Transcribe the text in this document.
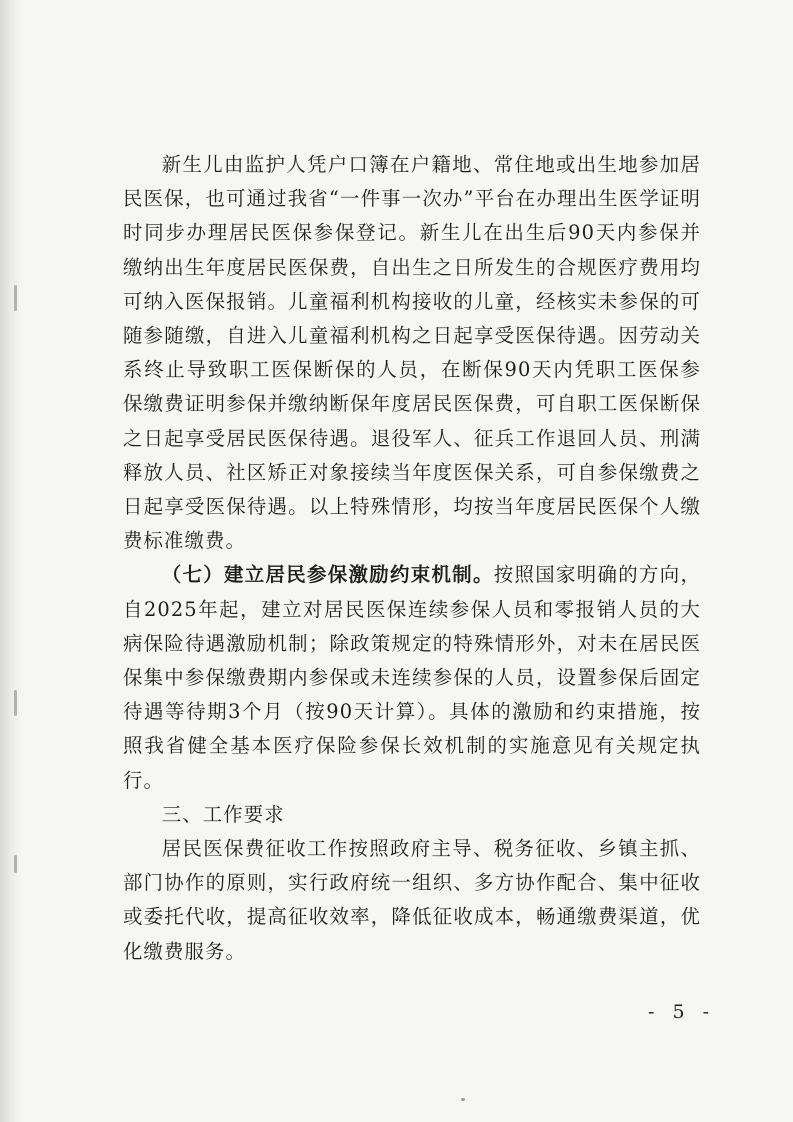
新生儿由监护人凭户口簿在户籍地、常住地或出生地参加居民医保，也可通过我省“一件事一次办”平台在办理出生医学证明时同步办理居民医保参保登记。新生儿在出生后90天内参保并缴纳出生年度居民医保费，自出生之日所发生的合规医疗费用均可纳入医保报销。儿童福利机构接收的儿童，经核实未参保的可随参随缴，自进入儿童福利机构之日起享受医保待遇。因劳动关系终止导致职工医保断保的人员，在断保90天内凭职工医保参保缴费证明参保并缴纳断保年度居民医保费，可自职工医保断保之日起享受居民医保待遇。退役军人、征兵工作退回人员、刑满释放人员、社区矫正对象接续当年度医保关系，可自参保缴费之日起享受医保待遇。以上特殊情形，均按当年度居民医保个人缴费标准缴费。

（七）建立居民参保激励约束机制。按照国家明确的方向，自2025年起，建立对居民医保连续参保人员和零报销人员的大病保险待遇激励机制；除政策规定的特殊情形外，对未在居民医保集中参保缴费期内参保或未连续参保的人员，设置参保后固定待遇等待期3个月（按90天计算）。具体的激励和约束措施，按照我省健全基本医疗保险参保长效机制的实施意见有关规定执行。

三、工作要求

居民医保费征收工作按照政府主导、税务征收、乡镇主抓、部门协作的原则，实行政府统一组织、多方协作配合、集中征收或委托代收，提高征收效率，降低征收成本，畅通缴费渠道，优化缴费服务。

- 5 -
